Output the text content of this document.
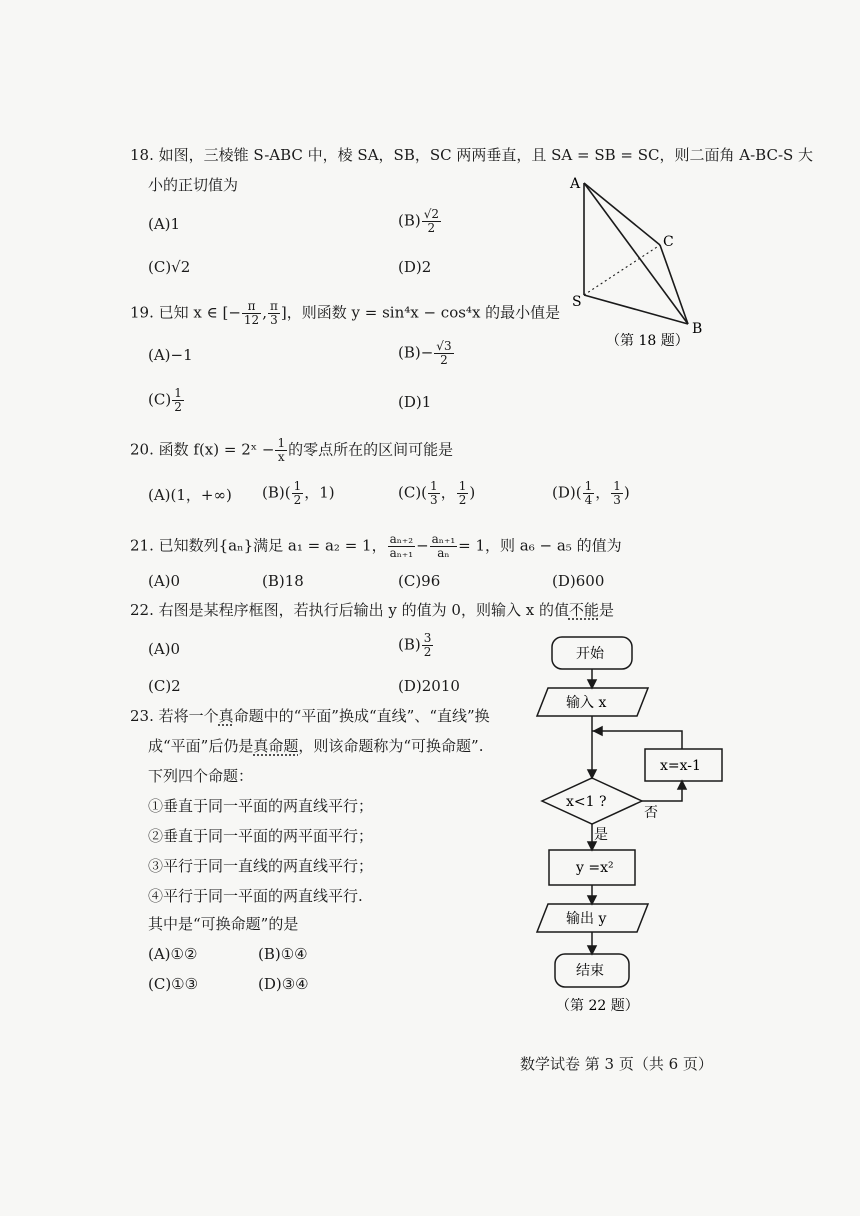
18. 如图，三棱锥 S-ABC 中，棱 SA，SB，SC 两两垂直，且 SA = SB = SC，则二面角 A-BC-S 大
小的正切值为
(A)1	$(B) \frac{√2}{2}$
(C)√2	(D)2
19. 已知 x ∈ [− $\frac{\pi}{12}$ , $\frac{\pi}{3}$ ]，则函数 y = sin⁴x − cos⁴x 的最小值是
(A)−1	$(B)- \frac{√3}{2}$
$(C) \frac{1}{2}$	(D)1
20. 函数 f(x) = 2ˣ − $\frac{1}{x}$ 的零点所在的区间可能是
(A)(1，+∞) $(B)( \frac{1}{2}$ ，1)	$(C)( \frac{1}{3}$ ， $\frac{1}{2}$ )	$(D)( \frac{1}{4}$ ， $\frac{1}{3}$ )
21. 已知数列{aₙ}满足 a₁ = a₂ = 1， $\frac{\text{aₙ₊₂}}{\text{aₙ₊₁}} - \frac{\text{aₙ₊₁}}{\text{aₙ}} = 1$，则 a₆ − a₅ 的值为
(A)0	(B)18	(C)96	(D)600
22. 右图是某程序框图，若执行后输出 y 的值为 0，则输入 x 的值不能是
(A)0	$(B) \frac{3}{2}$
(C)2	(D)2010
23. 若将一个真命题中的“平面”换成“直线”、“直线”换
成“平面”后仍是真命题，则该命题称为“可换命题”.
下列四个命题：
①垂直于同一平面的两直线平行；
②垂直于同一平面的两平面平行；
③平行于同一直线的两直线平行；
④平行于同一平面的两直线平行.
其中是“可换命题”的是
(A)①②	(B)①④
(C)①③	(D)③④
A
C
S
B
（第 18 题）
开始
输入 x
x<1 ?
x=x-1
否
是
y =x²
输出 y
结束
（第 22 题）
数学试卷 第 3 页（共 6 页）
